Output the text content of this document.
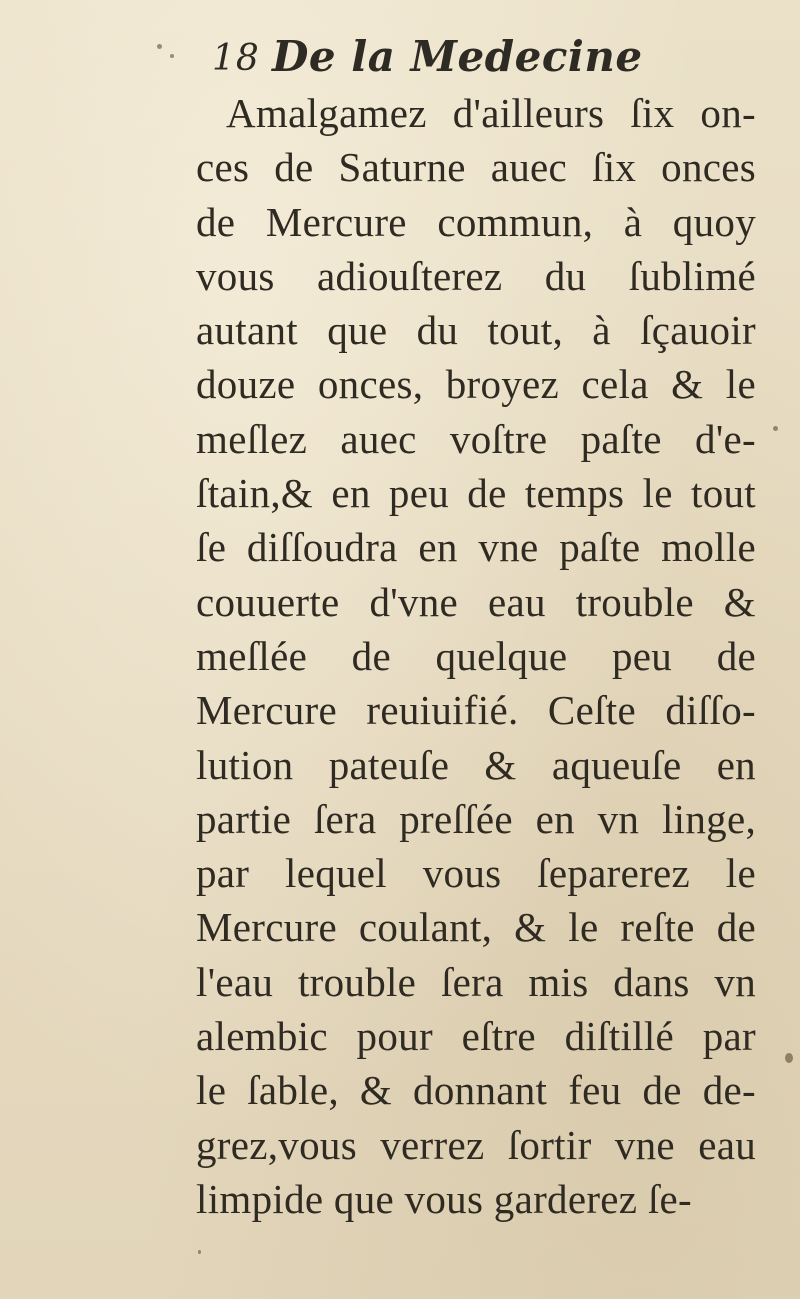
18 De la Medecine
Amalgamez d'ailleurs ſix on-
ces de Saturne auec ſix onces
de Mercure commun, à quoy
vous adiouſterez du ſublimé
autant que du tout, à ſçauoir
douze onces, broyez cela & le
meſlez auec voſtre paſte d'e-
ſtain,& en peu de temps le tout
ſe diſſoudra en vne paſte molle
couuerte d'vne eau trouble &
meſlée de quelque peu de
Mercure reuiuifié. Ceſte diſſo-
lution pateuſe & aqueuſe en
partie ſera preſſée en vn linge,
par lequel vous ſeparerez le
Mercure coulant, & le reſte de
l'eau trouble ſera mis dans vn
alembic pour eſtre diſtillé par
le ſable, & donnant feu de de-
grez,vous verrez ſortir vne eau
limpide que vous garderez ſe-
